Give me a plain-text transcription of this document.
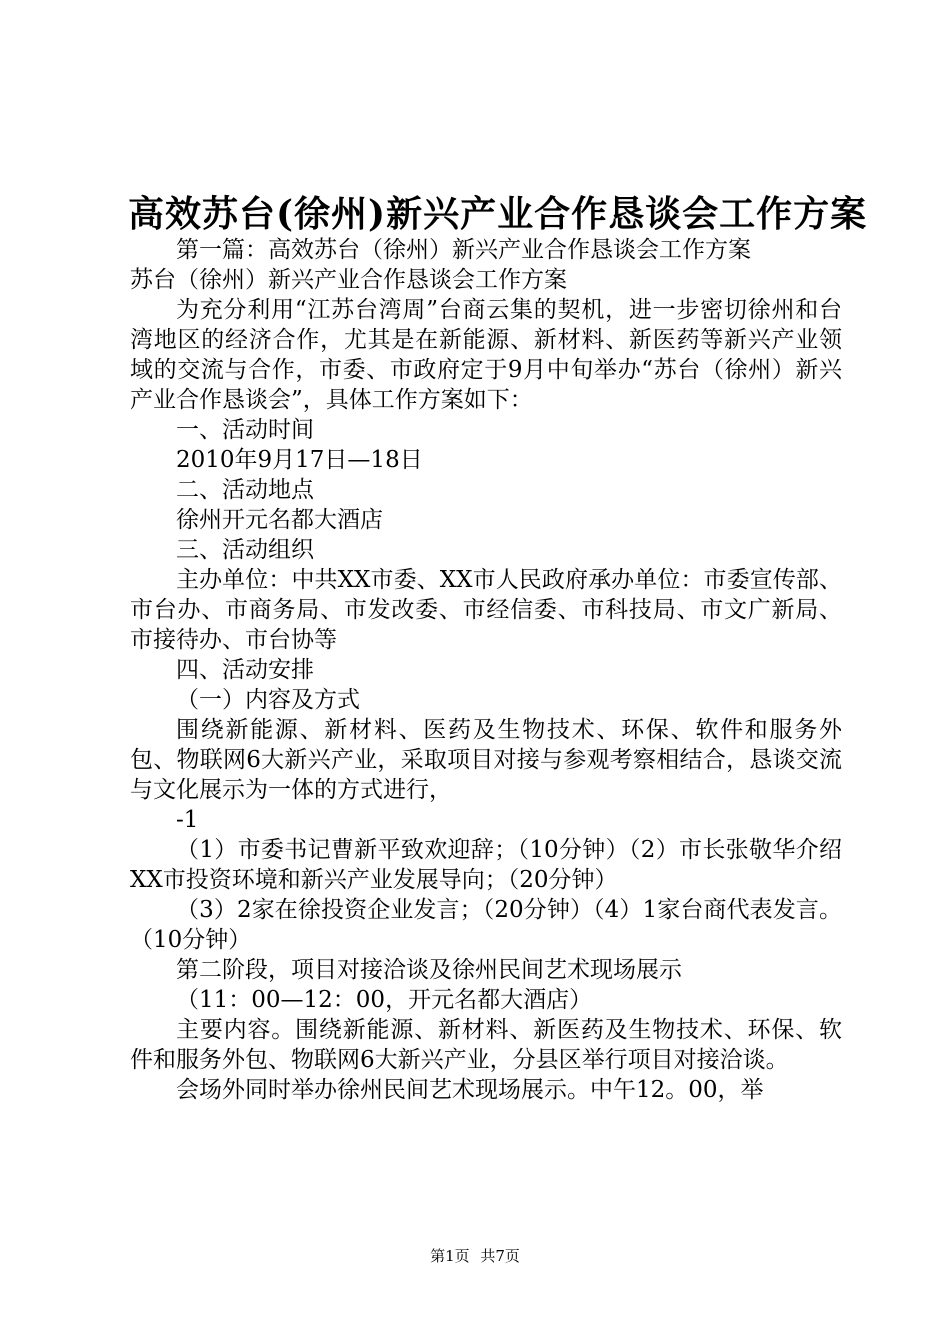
高效苏台(徐州)新兴产业合作恳谈会工作方案

第一篇：高效苏台（徐州）新兴产业合作恳谈会工作方案

苏台（徐州）新兴产业合作恳谈会工作方案

为充分利用“江苏台湾周”台商云集的契机，进一步密切徐州和台湾地区的经济合作，尤其是在新能源、新材料、新医药等新兴产业领域的交流与合作，市委、市政府定于9月中旬举办“苏台（徐州）新兴产业合作恳谈会”，具体工作方案如下：

一、活动时间

2010年9月17日—18日

二、活动地点

徐州开元名都大酒店

三、活动组织

主办单位：中共XX市委、XX市人民政府承办单位：市委宣传部、市台办、市商务局、市发改委、市经信委、市科技局、市文广新局、市接待办、市台协等

四、活动安排

（一）内容及方式

围绕新能源、新材料、医药及生物技术、环保、软件和服务外包、物联网6大新兴产业，采取项目对接与参观考察相结合，恳谈交流与文化展示为一体的方式进行，

-1

（1）市委书记曹新平致欢迎辞；（10分钟）（2）市长张敬华介绍XX市投资环境和新兴产业发展导向；（20分钟）

（3）2家在徐投资企业发言；（20分钟）（4）1家台商代表发言。（10分钟）

第二阶段，项目对接洽谈及徐州民间艺术现场展示

（11：00—12：00，开元名都大酒店）

主要内容。围绕新能源、新材料、新医药及生物技术、环保、软件和服务外包、物联网6大新兴产业，分县区举行项目对接洽谈。

会场外同时举办徐州民间艺术现场展示。中午12。00，举

第1页 共7页
